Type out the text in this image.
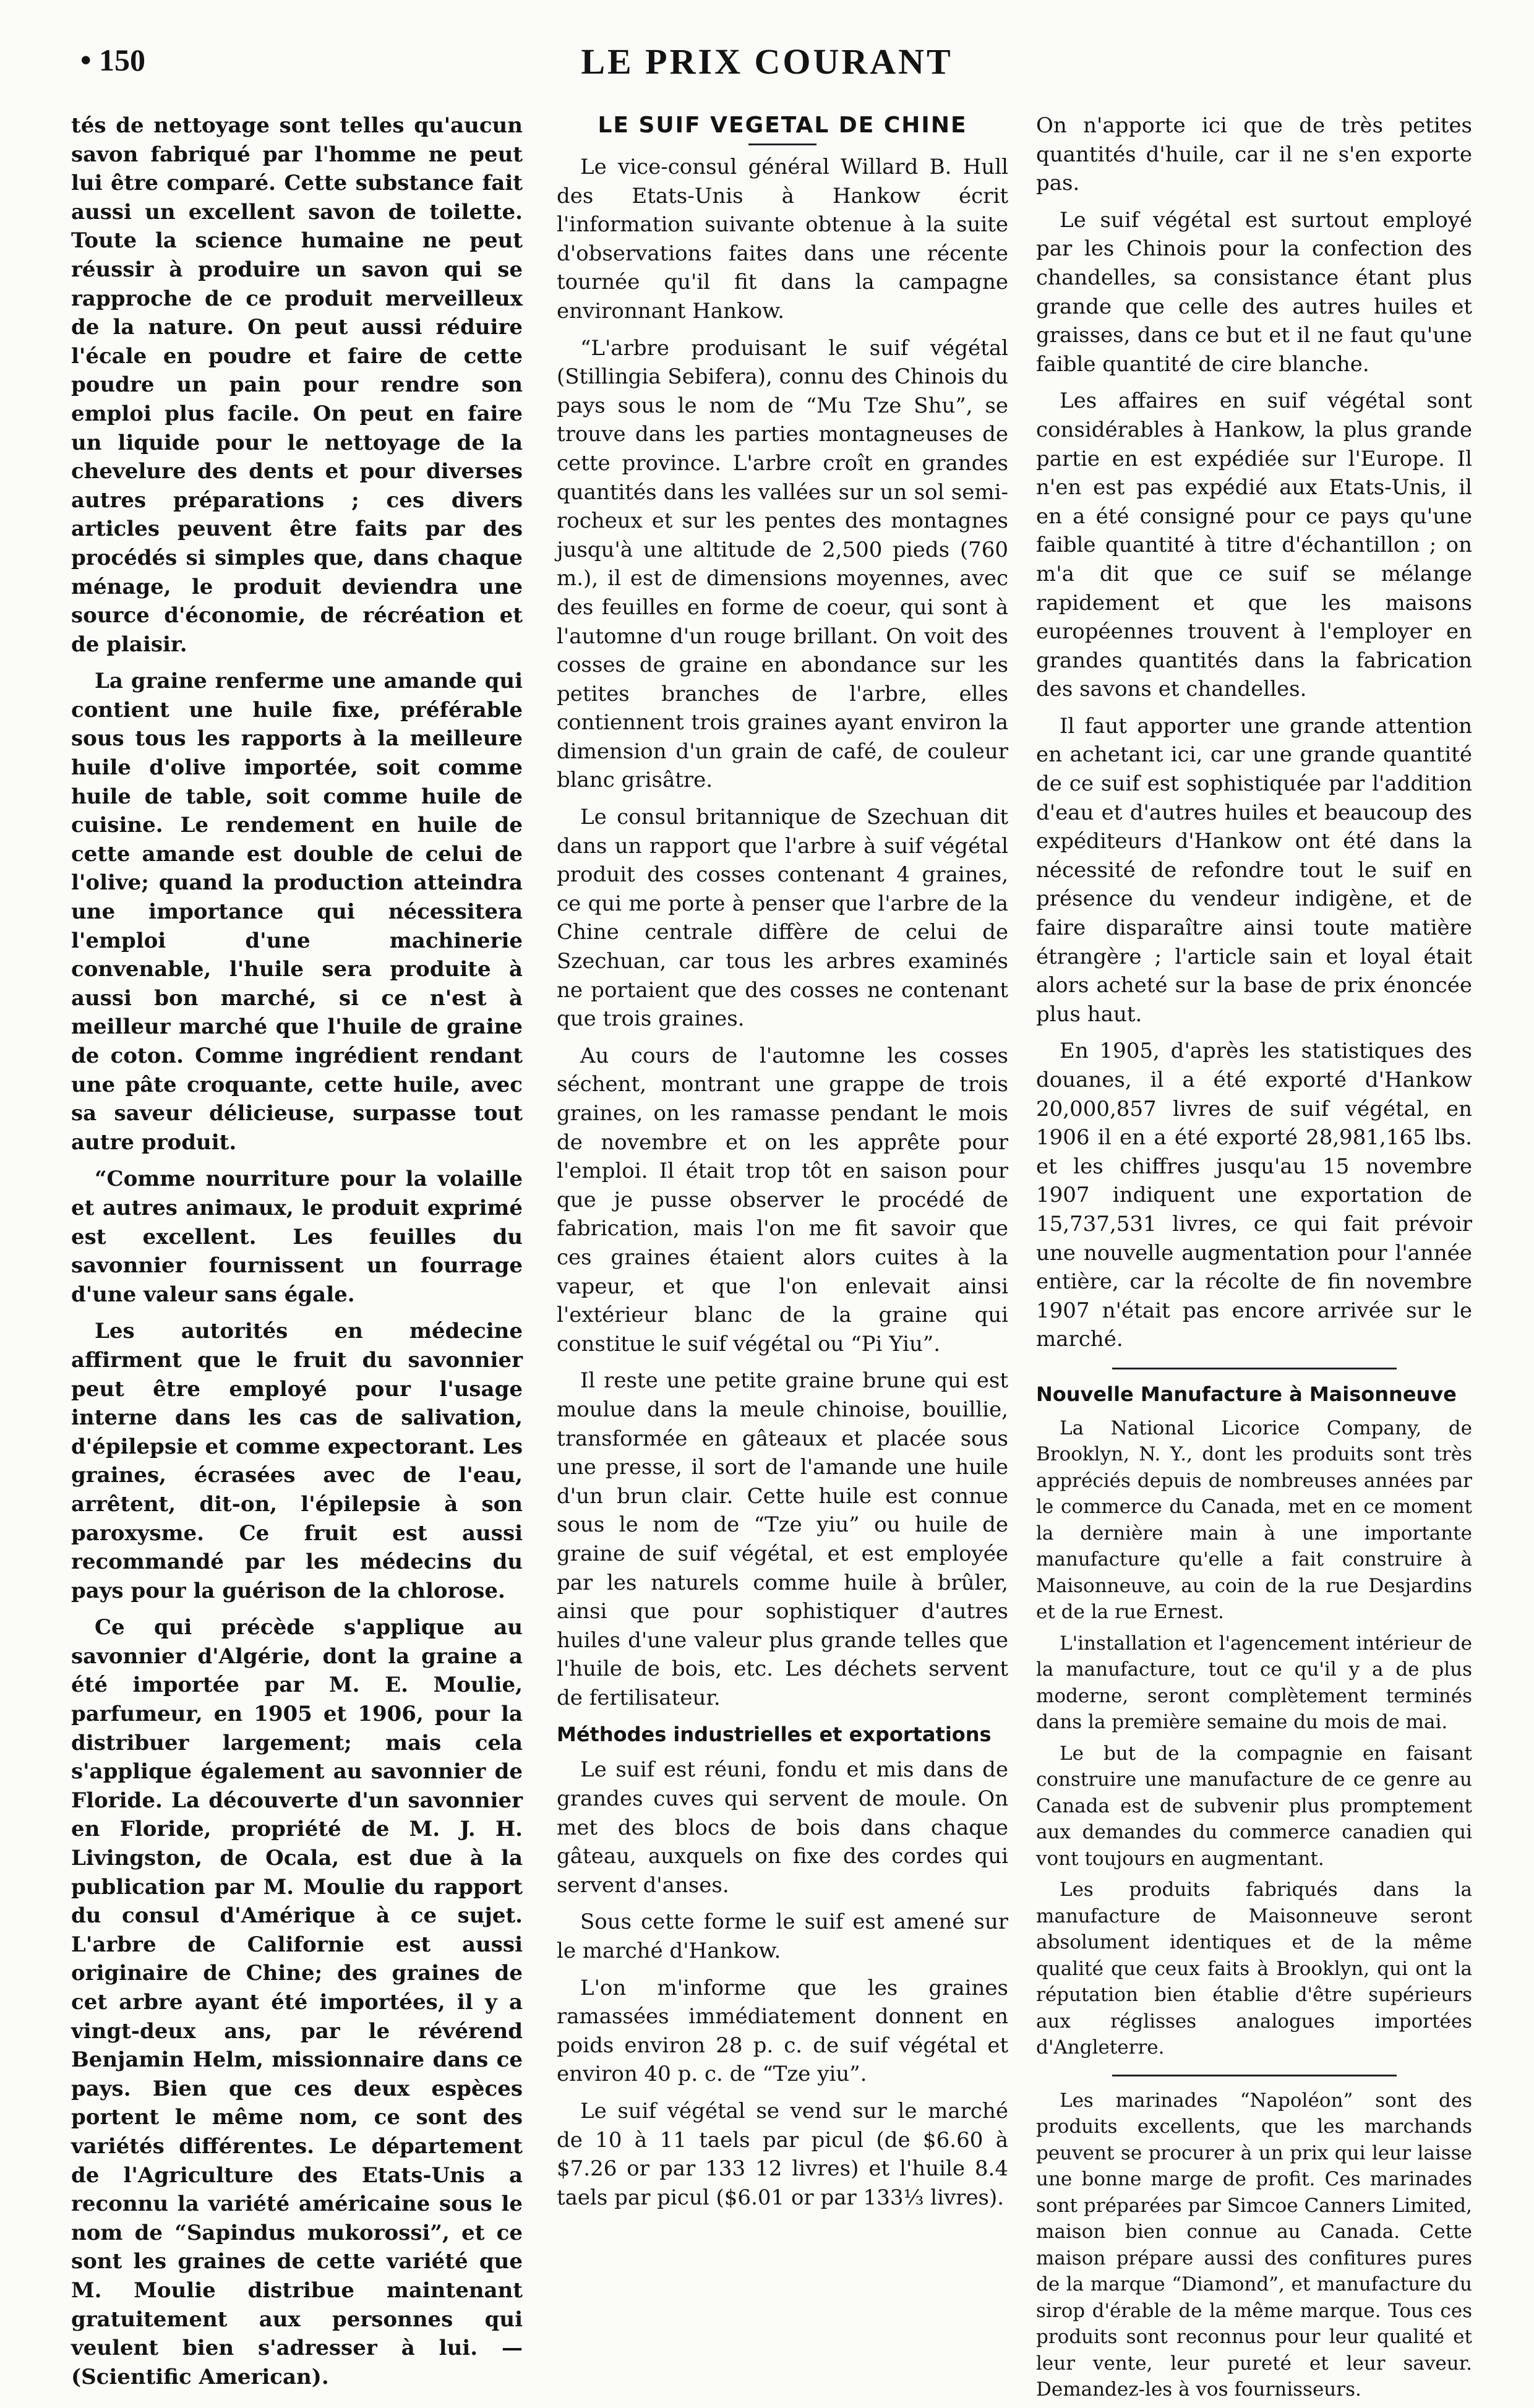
• 150	LE PRIX COURANT

tés de nettoyage sont telles qu'aucun savon fabriqué par l'homme ne peut lui être comparé. Cette substance fait aussi un excellent savon de toilette. Toute la science humaine ne peut réussir à produire un savon qui se rapproche de ce produit merveilleux de la nature. On peut aussi réduire l'écale en poudre et faire de cette poudre un pain pour rendre son emploi plus facile. On peut en faire un liquide pour le nettoyage de la chevelure des dents et pour diverses autres préparations ; ces divers articles peuvent être faits par des procédés si simples que, dans chaque ménage, le produit deviendra une source d'économie, de récréation et de plaisir.

La graine renferme une amande qui contient une huile fixe, préférable sous tous les rapports à la meilleure huile d'olive importée, soit comme huile de table, soit comme huile de cuisine. Le rendement en huile de cette amande est double de celui de l'olive; quand la production atteindra une importance qui nécessitera l'emploi d'une machinerie convenable, l'huile sera produite à aussi bon marché, si ce n'est à meilleur marché que l'huile de graine de coton. Comme ingrédient rendant une pâte croquante, cette huile, avec sa saveur délicieuse, surpasse tout autre produit.

“Comme nourriture pour la volaille et autres animaux, le produit exprimé est excellent. Les feuilles du savonnier fournissent un fourrage d'une valeur sans égale.

Les autorités en médecine affirment que le fruit du savonnier peut être employé pour l'usage interne dans les cas de salivation, d'épilepsie et comme expectorant. Les graines, écrasées avec de l'eau, arrêtent, dit-on, l'épilepsie à son paroxysme. Ce fruit est aussi recommandé par les médecins du pays pour la guérison de la chlorose.

Ce qui précède s'applique au savonnier d'Algérie, dont la graine a été importée par M. E. Moulie, parfumeur, en 1905 et 1906, pour la distribuer largement; mais cela s'applique également au savonnier de Floride. La découverte d'un savonnier en Floride, propriété de M. J. H. Livingston, de Ocala, est due à la publication par M. Moulie du rapport du consul d'Amérique à ce sujet. L'arbre de Californie est aussi originaire de Chine; des graines de cet arbre ayant été importées, il y a vingt-deux ans, par le révérend Benjamin Helm, missionnaire dans ce pays. Bien que ces deux espèces portent le même nom, ce sont des variétés différentes. Le département de l'Agriculture des Etats-Unis a reconnu la variété américaine sous le nom de “Sapindus mukorossi”, et ce sont les graines de cette variété que M. Moulie distribue maintenant gratuitement aux personnes qui veulent bien s'adresser à lui. — (Scientific American).

LE SUIF VEGETAL DE CHINE

Le vice-consul général Willard B. Hull des Etats-Unis à Hankow écrit l'information suivante obtenue à la suite d'observations faites dans une récente tournée qu'il fit dans la campagne environnant Hankow.

“L'arbre produisant le suif végétal (Stillingia Sebifera), connu des Chinois du pays sous le nom de “Mu Tze Shu”, se trouve dans les parties montagneuses de cette province. L'arbre croît en grandes quantités dans les vallées sur un sol semi-rocheux et sur les pentes des montagnes jusqu'à une altitude de 2,500 pieds (760 m.), il est de dimensions moyennes, avec des feuilles en forme de coeur, qui sont à l'automne d'un rouge brillant. On voit des cosses de graine en abondance sur les petites branches de l'arbre, elles contiennent trois graines ayant environ la dimension d'un grain de café, de couleur blanc grisâtre.

Le consul britannique de Szechuan dit dans un rapport que l'arbre à suif végétal produit des cosses contenant 4 graines, ce qui me porte à penser que l'arbre de la Chine centrale diffère de celui de Szechuan, car tous les arbres examinés ne portaient que des cosses ne contenant que trois graines.

Au cours de l'automne les cosses séchent, montrant une grappe de trois graines, on les ramasse pendant le mois de novembre et on les apprête pour l'emploi. Il était trop tôt en saison pour que je pusse observer le procédé de fabrication, mais l'on me fit savoir que ces graines étaient alors cuites à la vapeur, et que l'on enlevait ainsi l'extérieur blanc de la graine qui constitue le suif végétal ou “Pi Yiu”.

Il reste une petite graine brune qui est moulue dans la meule chinoise, bouillie, transformée en gâteaux et placée sous une presse, il sort de l'amande une huile d'un brun clair. Cette huile est connue sous le nom de “Tze yiu” ou huile de graine de suif végétal, et est employée par les naturels comme huile à brûler, ainsi que pour sophistiquer d'autres huiles d'une valeur plus grande telles que l'huile de bois, etc. Les déchets servent de fertilisateur.

Méthodes industrielles et exportations

Le suif est réuni, fondu et mis dans de grandes cuves qui servent de moule. On met des blocs de bois dans chaque gâteau, auxquels on fixe des cordes qui servent d'anses.

Sous cette forme le suif est amené sur le marché d'Hankow.

L'on m'informe que les graines ramassées immédiatement donnent en poids environ 28 p. c. de suif végétal et environ 40 p. c. de “Tze yiu”.

Le suif végétal se vend sur le marché de 10 à 11 taels par picul (de $6.60 à $7.26 or par 133 12 livres) et l'huile 8.4 taels par picul ($6.01 or par 133⅓ livres).

On n'apporte ici que de très petites quantités d'huile, car il ne s'en exporte pas.

Le suif végétal est surtout employé par les Chinois pour la confection des chandelles, sa consistance étant plus grande que celle des autres huiles et graisses, dans ce but et il ne faut qu'une faible quantité de cire blanche.

Les affaires en suif végétal sont considérables à Hankow, la plus grande partie en est expédiée sur l'Europe. Il n'en est pas expédié aux Etats-Unis, il en a été consigné pour ce pays qu'une faible quantité à titre d'échantillon ; on m'a dit que ce suif se mélange rapidement et que les maisons européennes trouvent à l'employer en grandes quantités dans la fabrication des savons et chandelles.

Il faut apporter une grande attention en achetant ici, car une grande quantité de ce suif est sophistiquée par l'addition d'eau et d'autres huiles et beaucoup des expéditeurs d'Hankow ont été dans la nécessité de refondre tout le suif en présence du vendeur indigène, et de faire disparaître ainsi toute matière étrangère ; l'article sain et loyal était alors acheté sur la base de prix énoncée plus haut.

En 1905, d'après les statistiques des douanes, il a été exporté d'Hankow 20,000,857 livres de suif végétal, en 1906 il en a été exporté 28,981,165 lbs. et les chiffres jusqu'au 15 novembre 1907 indiquent une exportation de 15,737,531 livres, ce qui fait prévoir une nouvelle augmentation pour l'année entière, car la récolte de fin novembre 1907 n'était pas encore arrivée sur le marché.

Nouvelle Manufacture à Maisonneuve

La National Licorice Company, de Brooklyn, N. Y., dont les produits sont très appréciés depuis de nombreuses années par le commerce du Canada, met en ce moment la dernière main à une importante manufacture qu'elle a fait construire à Maisonneuve, au coin de la rue Desjardins et de la rue Ernest.

L'installation et l'agencement intérieur de la manufacture, tout ce qu'il y a de plus moderne, seront complètement terminés dans la première semaine du mois de mai.

Le but de la compagnie en faisant construire une manufacture de ce genre au Canada est de subvenir plus promptement aux demandes du commerce canadien qui vont toujours en augmentant.

Les produits fabriqués dans la manufacture de Maisonneuve seront absolument identiques et de la même qualité que ceux faits à Brooklyn, qui ont la réputation bien établie d'être supérieurs aux réglisses analogues importées d'Angleterre.

Les marinades “Napoléon” sont des produits excellents, que les marchands peuvent se procurer à un prix qui leur laisse une bonne marge de profit. Ces marinades sont préparées par Simcoe Canners Limited, maison bien connue au Canada. Cette maison prépare aussi des confitures pures de la marque “Diamond”, et manufacture du sirop d'érable de la même marque. Tous ces produits sont reconnus pour leur qualité et leur vente, leur pureté et leur saveur. Demandez-les à vos fournisseurs.
